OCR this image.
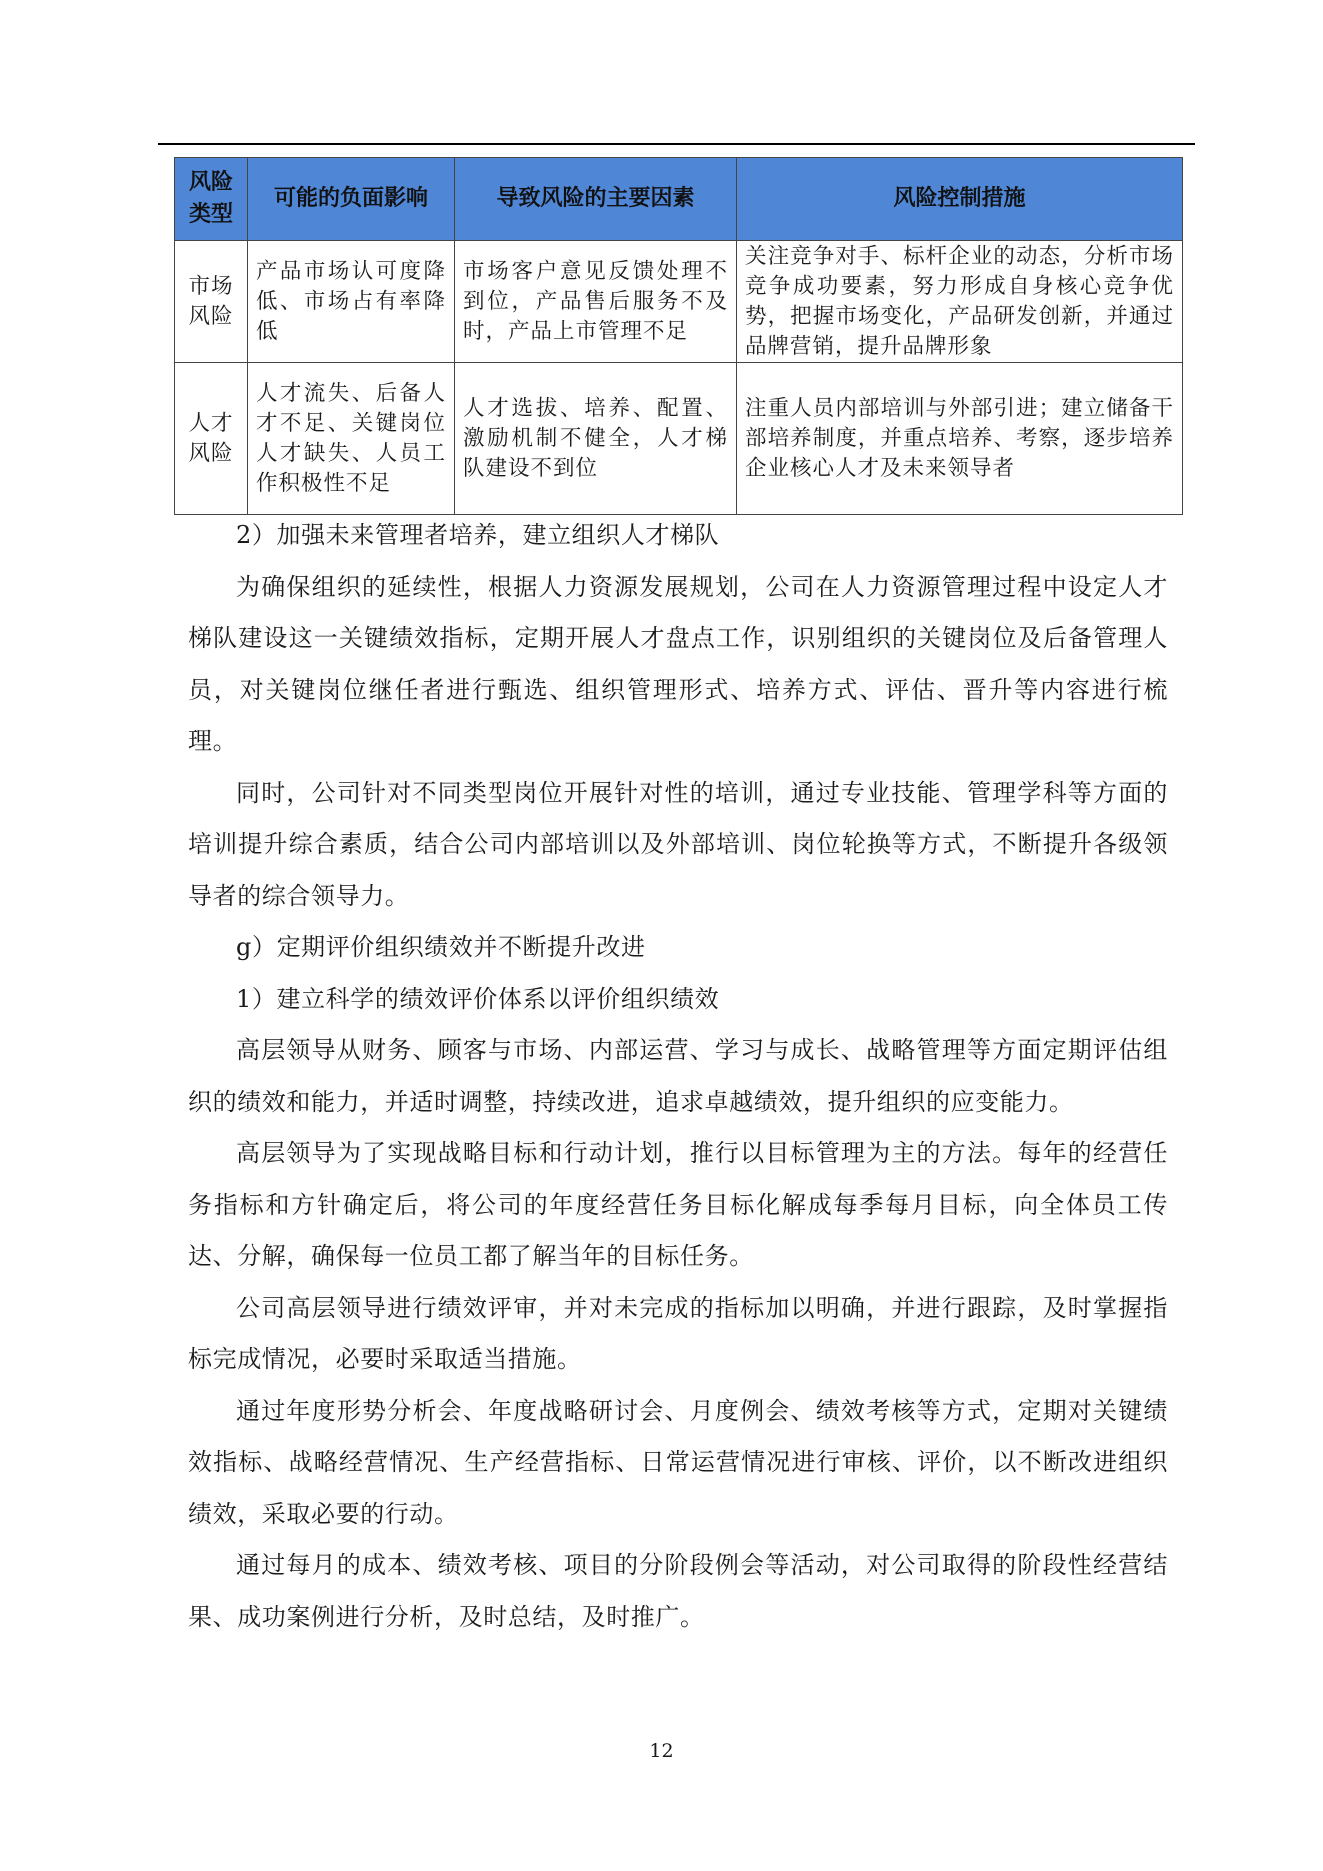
风险类型	可能的负面影响	导致风险的主要因素	风险控制措施
市场风险	产品市场认可度降低、市场占有率降低	市场客户意见反馈处理不到位，产品售后服务不及时，产品上市管理不足	关注竞争对手、标杆企业的动态，分析市场竞争成功要素，努力形成自身核心竞争优势，把握市场变化，产品研发创新，并通过品牌营销，提升品牌形象
人才风险	人才流失、后备人才不足、关键岗位人才缺失、人员工作积极性不足	人才选拔、培养、配置、激励机制不健全，人才梯队建设不到位	注重人员内部培训与外部引进；建立储备干部培养制度，并重点培养、考察，逐步培养企业核心人才及未来领导者

2）加强未来管理者培养，建立组织人才梯队

为确保组织的延续性，根据人力资源发展规划，公司在人力资源管理过程中设定人才梯队建设这一关键绩效指标，定期开展人才盘点工作，识别组织的关键岗位及后备管理人员，对关键岗位继任者进行甄选、组织管理形式、培养方式、评估、晋升等内容进行梳理。

同时，公司针对不同类型岗位开展针对性的培训，通过专业技能、管理学科等方面的培训提升综合素质，结合公司内部培训以及外部培训、岗位轮换等方式，不断提升各级领导者的综合领导力。

g）定期评价组织绩效并不断提升改进

1）建立科学的绩效评价体系以评价组织绩效

高层领导从财务、顾客与市场、内部运营、学习与成长、战略管理等方面定期评估组织的绩效和能力，并适时调整，持续改进，追求卓越绩效，提升组织的应变能力。

高层领导为了实现战略目标和行动计划，推行以目标管理为主的方法。每年的经营任务指标和方针确定后，将公司的年度经营任务目标化解成每季每月目标，向全体员工传达、分解，确保每一位员工都了解当年的目标任务。

公司高层领导进行绩效评审，并对未完成的指标加以明确，并进行跟踪，及时掌握指标完成情况，必要时采取适当措施。

通过年度形势分析会、年度战略研讨会、月度例会、绩效考核等方式，定期对关键绩效指标、战略经营情况、生产经营指标、日常运营情况进行审核、评价，以不断改进组织绩效，采取必要的行动。

通过每月的成本、绩效考核、项目的分阶段例会等活动，对公司取得的阶段性经营结果、成功案例进行分析，及时总结，及时推广。

12
